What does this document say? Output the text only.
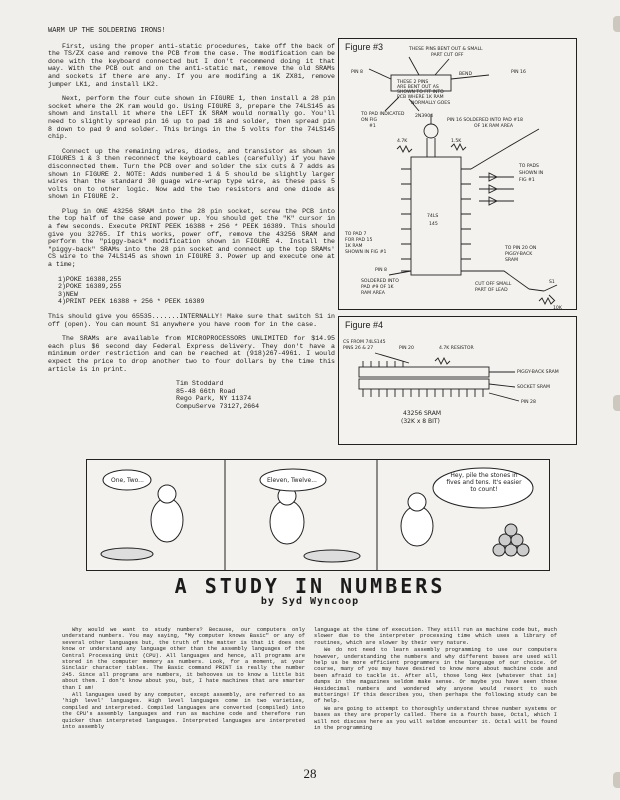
WARM UP THE SOLDERING IRONS!

First, using the proper anti-static procedures, take off the back of the TS/ZX case and remove the PCB from the case. The modification can be done with the keyboard connected but I don't recommend doing it that way. With the PCB out and on the anti-static mat, remove the old SRAMs and sockets if there are any. If you are modifing a 1K ZX81, remove jumper LK1, and install LK2.

Next, perform the four cute shown in FIGURE 1, then install a 28 pin socket where the 2K ram would go. Using FIGURE 3, prepare the 74LS145 as shown and install it where the LEFT 1K SRAM would normally go. You'll need to slightly spread pin 16 up to pad 18 and solder, then spread pin 8 down to pad 9 and solder. This brings in the 5 volts for the 74LS145 chip.

Connect up the remaining wires, diodes, and transistor as shown in FIGURES 1 & 3 then reconnect the keyboard cables (carefully) if you have disconnected them. Turn the PCB over and solder the six cuts & 7 adds as shown in FIGURE 2. NOTE: Adds numbered 1 & 5 should be slightly larger wires than the standard 30 guage wire-wrap type wire, as these pass 5 volts on to other logic. Now add the two resistors and one diode as shown in FIGURE 2.

Plug in ONE 43256 SRAM into the 28 pin socket, screw the PCB into the top half of the case and power up. You should get the "K" cursor in a few seconds. Execute PRINT PEEK 16388 + 256 * PEEK 16389. This should give you 32765. If this works, power off, remove the 43256 SRAM and perform the "piggy-back" modification shown in FIGURE 4. Install the "piggy-back" SRAMs into the 28 pin socket and connect up the top SRAMs' CS wire to the 74LS145 as shown in FIGURE 3. Power up and execute one at a time;

1)POKE 16388,255
2)POKE 16389,255
3)NEW
4)PRINT PEEK 16388 + 256 * PEEK 16389

This should give you 65535.......INTERNALLY! Make sure that switch S1 in off (open). You can mount S1 anywhere you have room for in the case.

The SRAMs are available from MICROPROCESSORS UNLIMITED for $14.95 each plus $6 second day Federal Express delivery. They don't have a minimum order restriction and can be reached at (918)267-4961. I would expect the price to drop another two to four dollars by the time this article is in print.

Tim Stoddard
85-48 66th Road
Rego Park, NY 11374
CompuServe 73127,2664
Figure #3	THESE PINS BENT OUT & SMALL
PART CUT OFF
PIN 8	BEND	PIN 16
THESE 2 PINS
ARE BENT OUT AS
SHOWN TO FIT INTO
PCB WHERE 1K RAM
NORMALLY GOES
TO PAD INDICATED
ON FIG
#1
2N3904
PIN 16 SOLDERED INTO PAD #18
OF 1K RAM AREA
4.7K	1.5K
TO PADS
SHOWN IN
FIG #1
74LS
145
TO PAD 7
FOR PAD 15
1K RAM
SHOWN IN FIG #1
TO PIN 20 ON
PIGGY-BACK
SRAM
PIN 8
SOLDERED INTO
PAD #9 OF 1K
RAM AREA
CUT OFF SMALL
PART OF LEAD
S1
10K
Figure #4
CS FROM 74LS145
PINS 26 & 27	PIN 20	4.7K RESISTOR
PIGGY-BACK SRAM
SOCKET SRAM
PIN 28
43256 SRAM
(32K x 8 BIT)
One, Two...	Eleven, Twelve...
Hey, pile the stones in fives and tens. It's easier to count!
A STUDY IN NUMBERS
by Syd Wyncoop

Why would we want to study numbers? Because, our computers only understand numbers. You may saying, "My computer knows Basic" or any of several other languages but, the truth of the matter is that it does not know or understand any language other than the assembly languages of the Central Processing Unit (CPU). All languages and hence, all programs are stored in the computer memory as numbers. Look, for a moment, at your Sinclair character tables. The Basic command PRINT is really the number 245. Since all programs are numbers, it behooves us to know a little bit about them. I don't know about you, but, I hate machines that are smarter than I am!

All languages used by any computer, except assembly, are referred to as 'high level' languages. High level languages come in two varieties, compiled and interpreted. Compiled languages are converted (compiled) into the CPU's assembly languages and run as machine code and therefore run quicker than interpreted languages. Interpreted languages are interpreted into assembly

language at the time of execution. They still run as machine code but, much slower due to the interpreter processing time which uses a library of routines, which are slower by their very nature.

We do not need to learn assembly programming to use our computers however, understanding the numbers and why different bases are used will help us be more efficient programmers in the language of our choice. Of course, many of you may have desired to know more about machine code and been afraid to tackle it. After all, those long Hex (whatever that is) dumps in the magazines seldom make sense. Or maybe you have seen those Hexidecimal numbers and wondered why anyone would resort to such mutterings! If this describes you, then perhaps the following study can be of help.

We are going to attempt to thoroughly understand three number systems or bases as they are properly called. There is a fourth base, Octal, which I will not discuss here as you will seldom encounter it. Octal will be found in the programming

28
